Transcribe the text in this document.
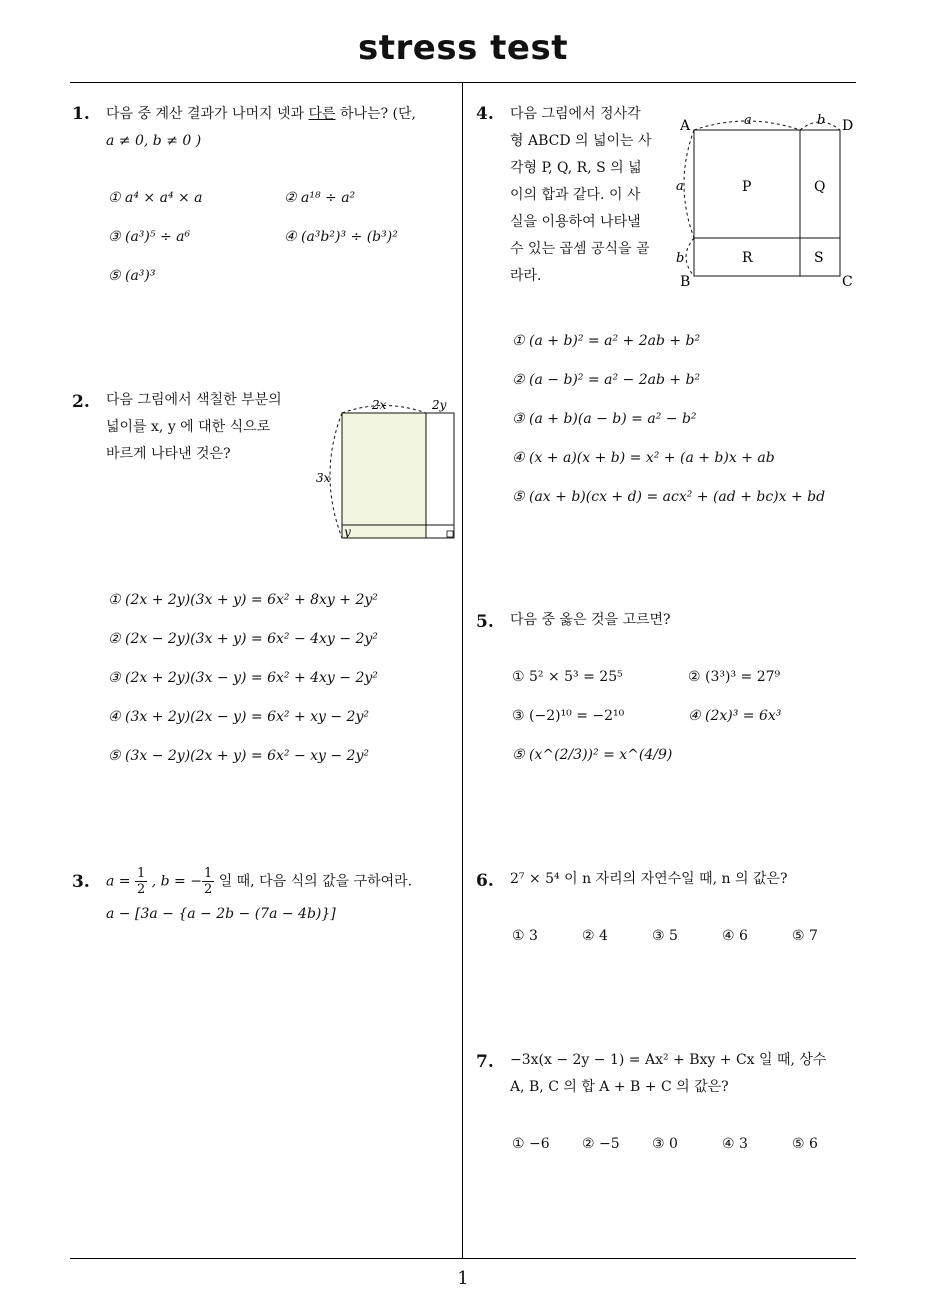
stress test
1
1. 다음 중 계산 결과가 나머지 넷과 다른 하나는? (단,
a ≠ 0, b ≠ 0 )
① a⁴ × a⁴ × a	② a¹⁸ ÷ a²
③ (a³)⁵ ÷ a⁶	④ (a³b²)³ ÷ (b³)²
⑤ (a³)³
2. 다음 그림에서 색칠한 부분의
넓이를 x, y 에 대한 식으로
바르게 나타낸 것은?
2x	2y
3x
y
① (2x + 2y)(3x + y) = 6x² + 8xy + 2y²
② (2x − 2y)(3x + y) = 6x² − 4xy − 2y²
③ (2x + 2y)(3x − y) = 6x² + 4xy − 2y²
④ (3x + 2y)(2x − y) = 6x² + xy − 2y²
⑤ (3x − 2y)(2x + y) = 6x² − xy − 2y²
3. $a = \frac{1}{2}$ , b = − $\frac{1}{2}$ 일 때, 다음 식의 값을 구하여라.
a − [3a − {a − 2b − (7a − 4b)}]
4. 다음 그림에서 정사각
형 ABCD 의 넓이는 사
각형 P, Q, R, S 의 넓
이의 합과 같다. 이 사
실을 이용하여 나타낼
수 있는 곱셈 공식을 골
라라.
A	D
B	C
a	b
a
b
P	Q
R	S
① (a + b)² = a² + 2ab + b²
② (a − b)² = a² − 2ab + b²
③ (a + b)(a − b) = a² − b²
④ (x + a)(x + b) = x² + (a + b)x + ab
⑤ (ax + b)(cx + d) = acx² + (ad + bc)x + bd
5. 다음 중 옳은 것을 고르면?
① 5² × 5³ = 25⁵	② (3³)³ = 27⁹
③ (−2)¹⁰ = −2¹⁰	④ (2x)³ = 6x³
⑤ (x^(2/3))² = x^(4/9)
6. 2⁷ × 5⁴ 이 n 자리의 자연수일 때, n 의 값은?
① 3	② 4	③ 5	④ 6	⑤ 7
7. −3x(x − 2y − 1) = Ax² + Bxy + Cx 일 때, 상수
A, B, C 의 합 A + B + C 의 값은?
① −6 ② −5 ③ 0	④ 3	⑤ 6
